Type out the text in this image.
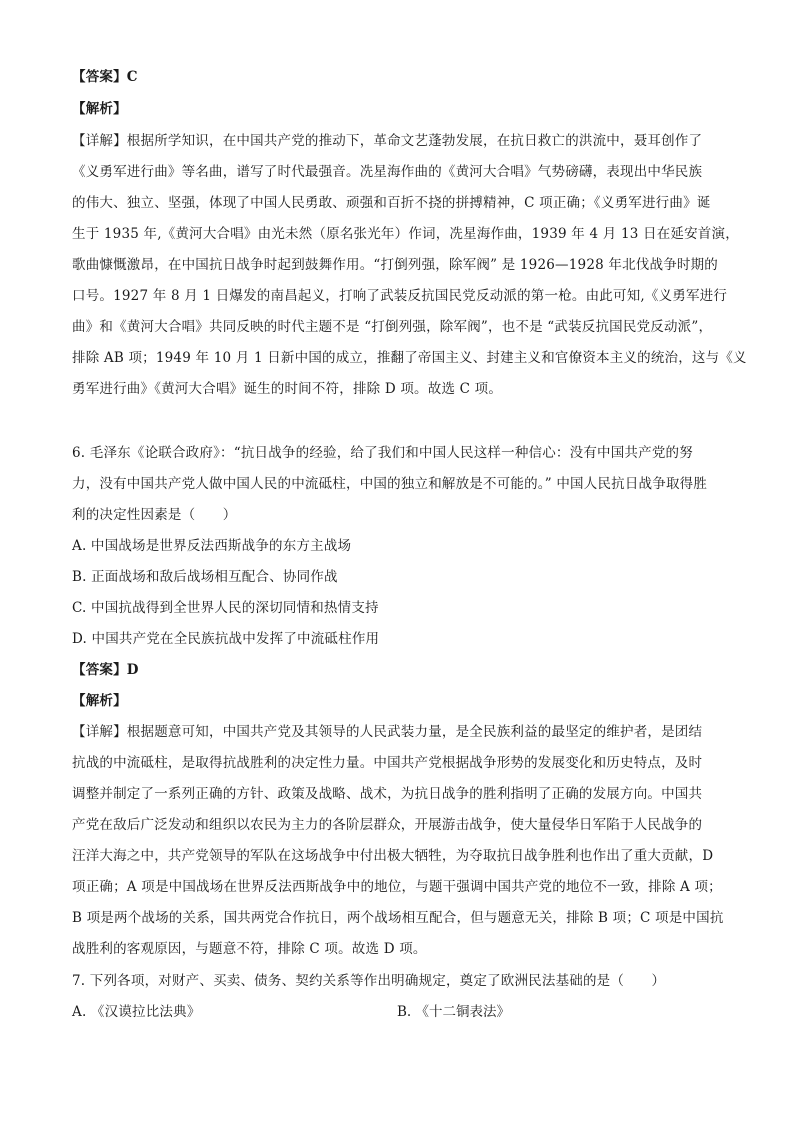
【答案】C
【解析】
【详解】根据所学知识，在中国共产党的推动下，革命文艺蓬勃发展，在抗日救亡的洪流中，聂耳创作了
《义勇军进行曲》等名曲，谱写了时代最强音。冼星海作曲的《黄河大合唱》气势磅礴，表现出中华民族
的伟大、独立、坚强，体现了中国人民勇敢、顽强和百折不挠的拼搏精神，C 项正确；《义勇军进行曲》诞
生于 1935 年,《黄河大合唱》由光未然（原名张光年）作词，冼星海作曲，1939 年 4 月 13 日在延安首演，
歌曲慷慨激昂，在中国抗日战争时起到鼓舞作用。“打倒列强，除军阀” 是 1926—1928 年北伐战争时期的
口号。1927 年 8 月 1 日爆发的南昌起义，打响了武装反抗国民党反动派的第一枪。由此可知,《义勇军进行
曲》和《黄河大合唱》共同反映的时代主题不是 “打倒列强，除军阀”，也不是 “武装反抗国民党反动派”，
排除 AB 项；1949 年 10 月 1 日新中国的成立，推翻了帝国主义、封建主义和官僚资本主义的统治，这与《义
勇军进行曲》《黄河大合唱》诞生的时间不符，排除 D 项。故选 C 项。
6. 毛泽东《论联合政府》：“抗日战争的经验，给了我们和中国人民这样一种信心：没有中国共产党的努
力，没有中国共产党人做中国人民的中流砥柱，中国的独立和解放是不可能的。” 中国人民抗日战争取得胜
利的决定性因素是（　　）
A. 中国战场是世界反法西斯战争的东方主战场
B. 正面战场和敌后战场相互配合、协同作战
C. 中国抗战得到全世界人民的深切同情和热情支持
D. 中国共产党在全民族抗战中发挥了中流砥柱作用
【答案】D
【解析】
【详解】根据题意可知，中国共产党及其领导的人民武装力量，是全民族利益的最坚定的维护者，是团结
抗战的中流砥柱，是取得抗战胜利的决定性力量。中国共产党根据战争形势的发展变化和历史特点，及时
调整并制定了一系列正确的方针、政策及战略、战术，为抗日战争的胜利指明了正确的发展方向。中国共
产党在敌后广泛发动和组织以农民为主力的各阶层群众，开展游击战争，使大量侵华日军陷于人民战争的
汪洋大海之中，共产党领导的军队在这场战争中付出极大牺牲，为夺取抗日战争胜利也作出了重大贡献，D
项正确；A 项是中国战场在世界反法西斯战争中的地位，与题干强调中国共产党的地位不一致，排除 A 项；
B 项是两个战场的关系，国共两党合作抗日，两个战场相互配合，但与题意无关，排除 B 项；C 项是中国抗
战胜利的客观原因，与题意不符，排除 C 项。故选 D 项。
7. 下列各项，对财产、买卖、债务、契约关系等作出明确规定，奠定了欧洲民法基础的是（　　）
A. 《汉谟拉比法典》	B. 《十二铜表法》
